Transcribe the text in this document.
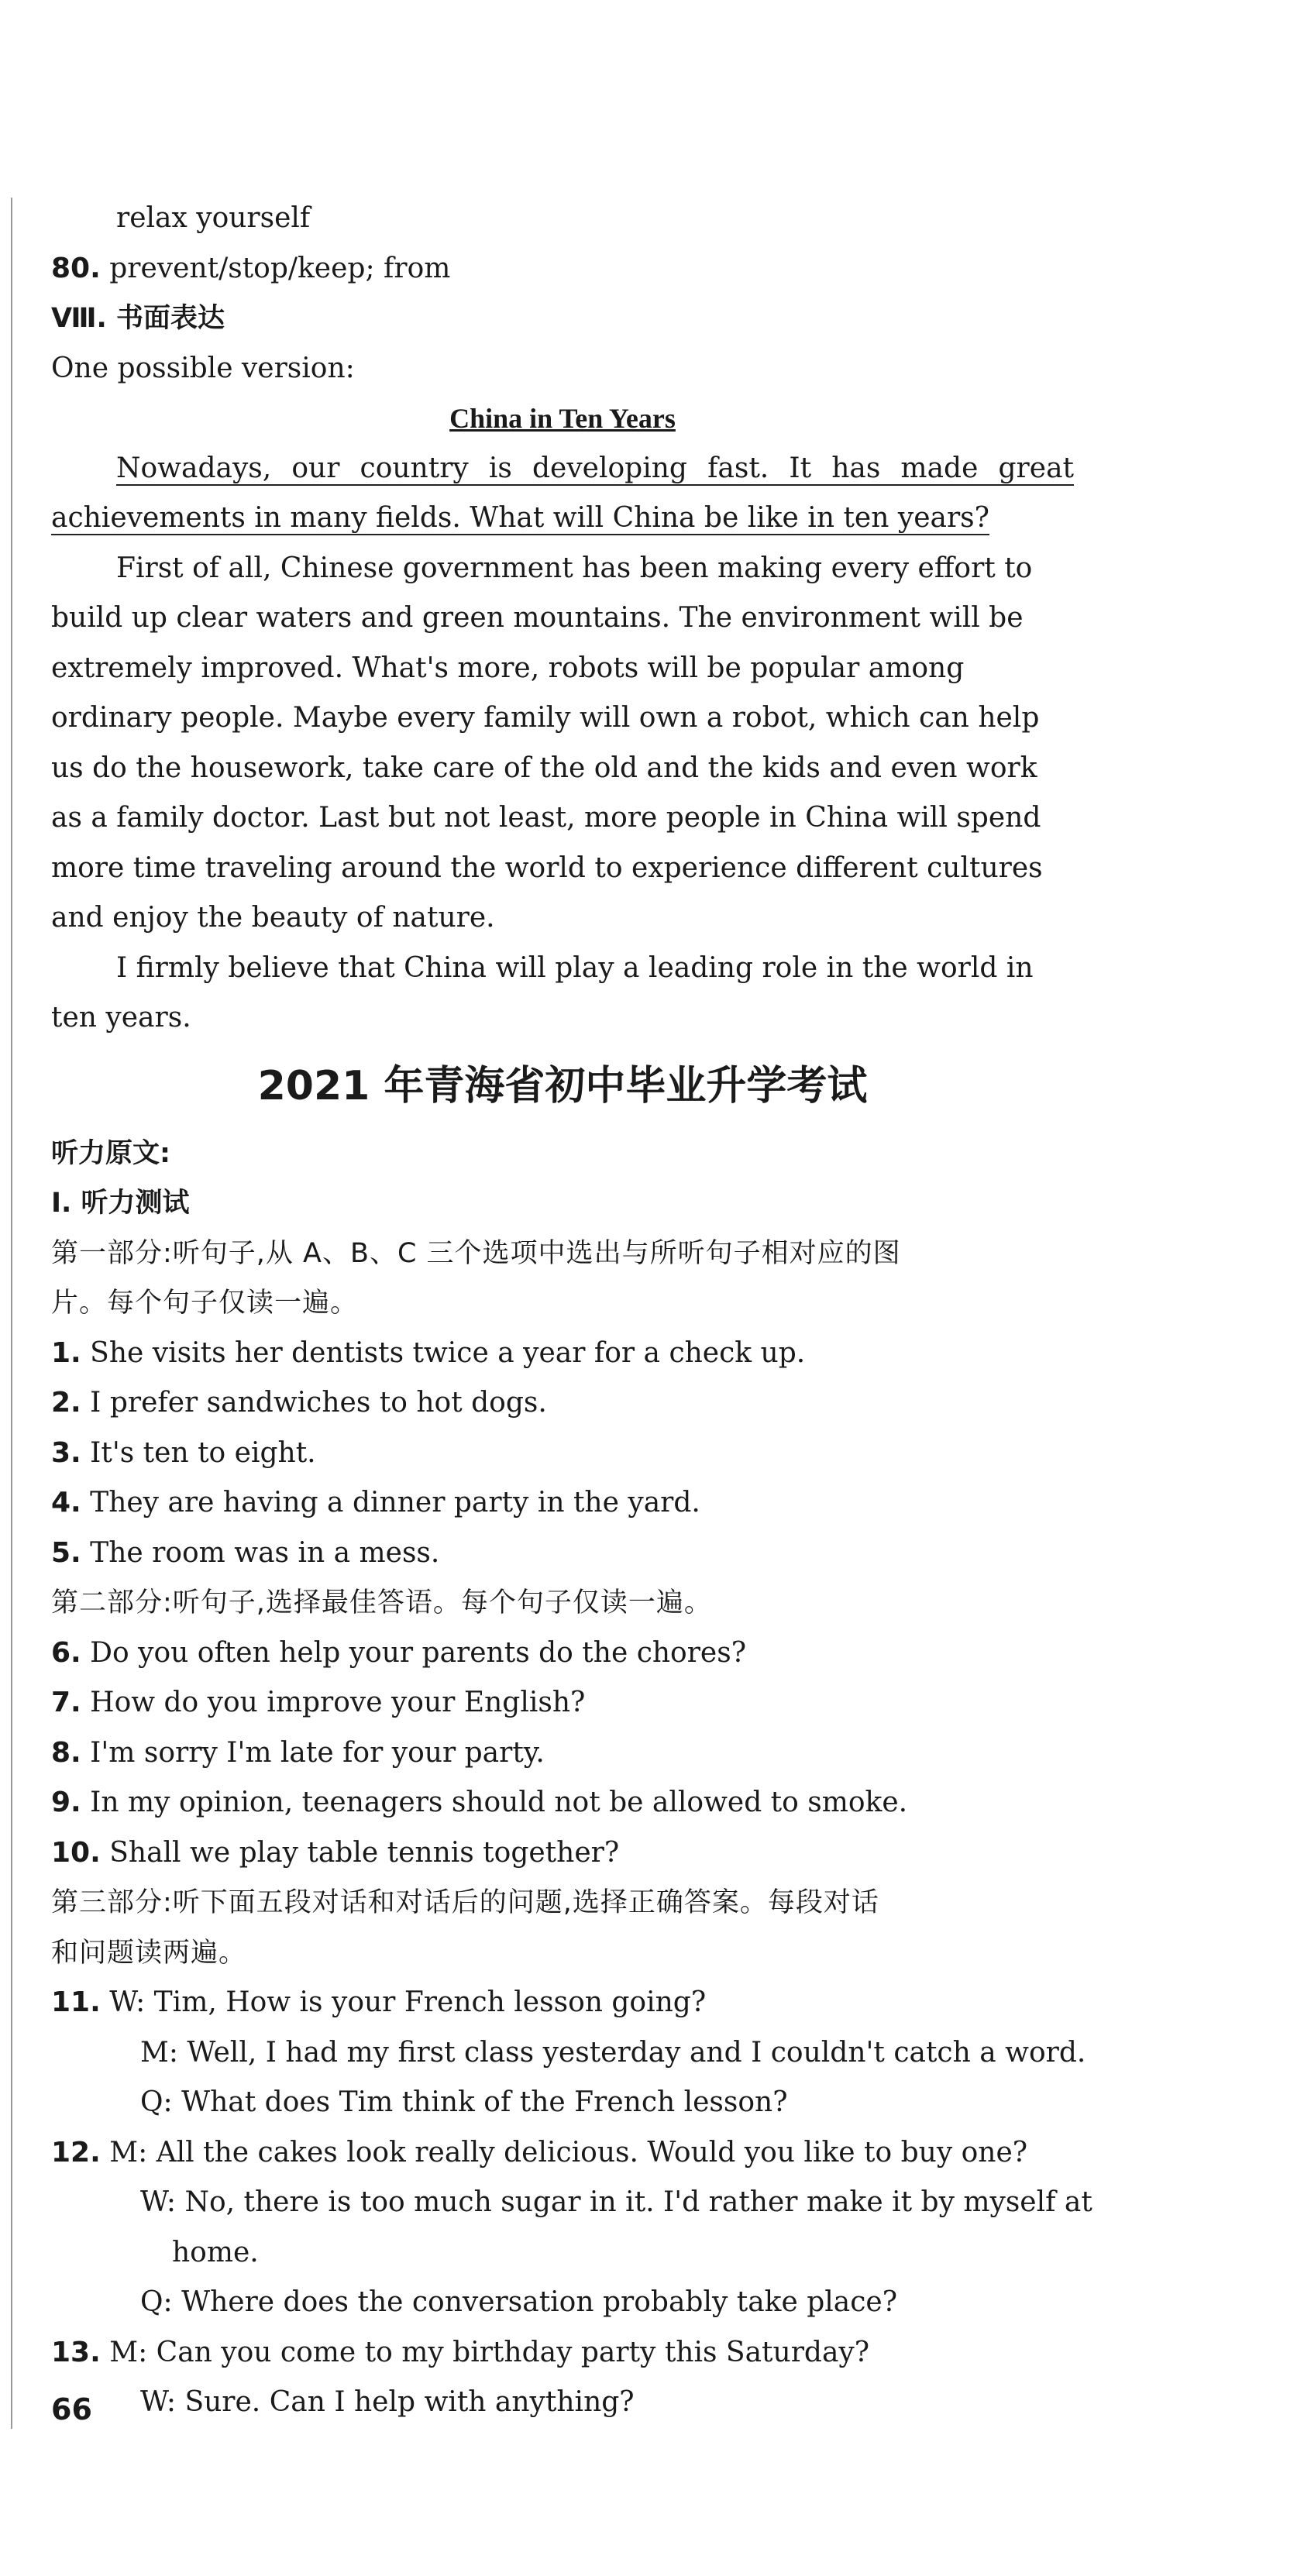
relax yourself
80. prevent/stop/keep; from
Ⅷ. 书面表达
One possible version:
China in Ten Years
Nowadays, our country is developing fast. It has made great
achievements in many fields. What will China be like in ten years?
First of all, Chinese government has been making every effort to
build up clear waters and green mountains. The environment will be
extremely improved. What's more, robots will be popular among
ordinary people. Maybe every family will own a robot, which can help
us do the housework, take care of the old and the kids and even work
as a family doctor. Last but not least, more people in China will spend
more time traveling around the world to experience different cultures
and enjoy the beauty of nature.
I firmly believe that China will play a leading role in the world in
ten years.
2021 年青海省初中毕业升学考试
听力原文:
Ⅰ. 听力测试
第一部分:听句子,从 A、B、C 三个选项中选出与所听句子相对应的图
片。每个句子仅读一遍。
1. She visits her dentists twice a year for a check up.
2. I prefer sandwiches to hot dogs.
3. It's ten to eight.
4. They are having a dinner party in the yard.
5. The room was in a mess.
第二部分:听句子,选择最佳答语。每个句子仅读一遍。
6. Do you often help your parents do the chores?
7. How do you improve your English?
8. I'm sorry I'm late for your party.
9. In my opinion, teenagers should not be allowed to smoke.
10. Shall we play table tennis together?
第三部分:听下面五段对话和对话后的问题,选择正确答案。每段对话
和问题读两遍。
11. W: Tim, How is your French lesson going?
M: Well, I had my first class yesterday and I couldn't catch a word.
Q: What does Tim think of the French lesson?
12. M: All the cakes look really delicious. Would you like to buy one?
W: No, there is too much sugar in it. I'd rather make it by myself at
home.
Q: Where does the conversation probably take place?
13. M: Can you come to my birthday party this Saturday?
W: Sure. Can I help with anything?
66
